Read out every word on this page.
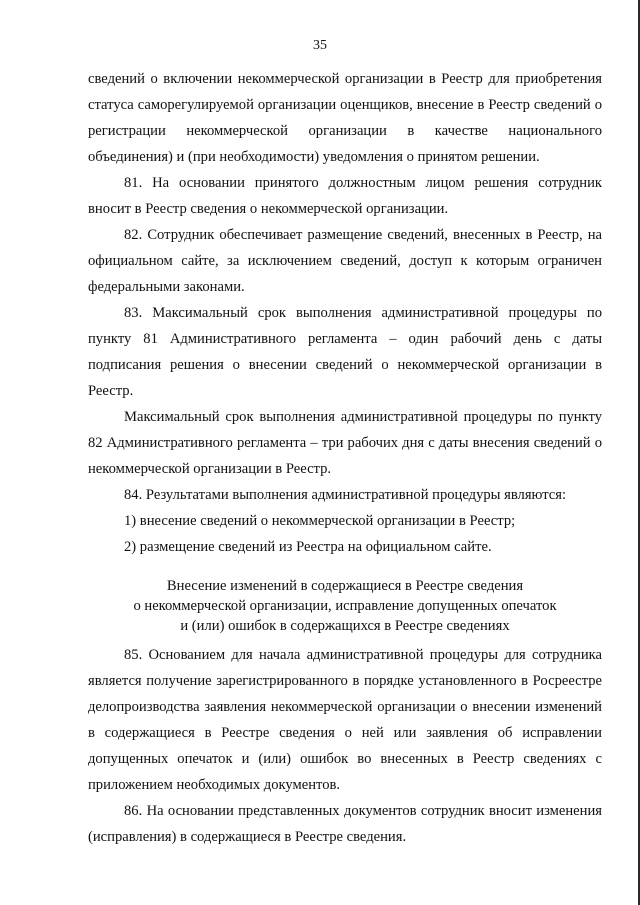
35

сведений о включении некоммерческой организации в Реестр для приобретения статуса саморегулируемой организации оценщиков, внесение в Реестр сведений о регистрации некоммерческой организации в качестве национального объединения) и (при необходимости) уведомления о принятом решении.

81. На основании принятого должностным лицом решения сотрудник вносит в Реестр сведения о некоммерческой организации.

82. Сотрудник обеспечивает размещение сведений, внесенных в Реестр, на официальном сайте, за исключением сведений, доступ к которым ограничен федеральными законами.

83. Максимальный срок выполнения административной процедуры по пункту 81 Административного регламента – один рабочий день с даты подписания решения о внесении сведений о некоммерческой организации в Реестр.

Максимальный срок выполнения административной процедуры по пункту 82 Административного регламента – три рабочих дня с даты внесения сведений о некоммерческой организации в Реестр.

84. Результатами выполнения административной процедуры являются:

1) внесение сведений о некоммерческой организации в Реестр;

2) размещение сведений из Реестра на официальном сайте.

Внесение изменений в содержащиеся в Реестре сведения
о некоммерческой организации, исправление допущенных опечаток
и (или) ошибок в содержащихся в Реестре сведениях

85. Основанием для начала административной процедуры для сотрудника является получение зарегистрированного в порядке установленного в Росреестре делопроизводства заявления некоммерческой организации о внесении изменений в содержащиеся в Реестре сведения о ней или заявления об исправлении допущенных опечаток и (или) ошибок во внесенных в Реестр сведениях с приложением необходимых документов.

86. На основании представленных документов сотрудник вносит изменения (исправления) в содержащиеся в Реестре сведения.
